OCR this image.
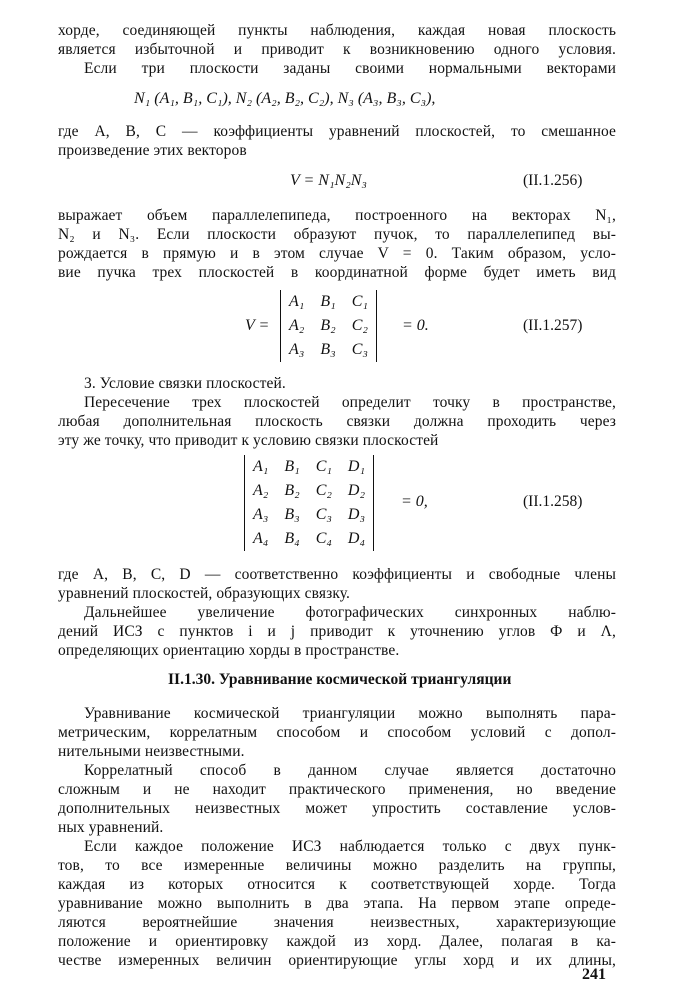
хорде, соединяющей пункты наблюдения, каждая новая плоскость
является избыточной и приводит к возникновению одного условия.
Если три плоскости заданы своими нормальными векторами
N₁ (A₁, B₁, C₁), N₂ (A₂, B₂, C₂), N₃ (A₃, B₃, C₃),
где A, B, C — коэффициенты уравнений плоскостей, то смешанное
произведение этих векторов
V = N₁N₂N₃	(II.1.256)
выражает объем параллелепипеда, построенного на векторах N₁,
N₂ и N₃. Если плоскости образуют пучок, то параллелепипед вы-
рождается в прямую и в этом случае V = 0. Таким образом, усло-
вие пучка трех плоскостей в координатной форме будет иметь вид
V =
A₁	B₁	C₁
A₂	B₂	C₂
A₃	B₃	C₃
= 0.	(II.1.257)
3. Условие связки плоскостей.
Пересечение трех плоскостей определит точку в пространстве,
любая дополнительная плоскость связки должна проходить через
эту же точку, что приводит к условию связки плоскостей
A₁	B₁	C₁	D₁
A₂	B₂	C₂	D₂
A₃	B₃	C₃	D₃
A₄	B₄	C₄	D₄
= 0,	(II.1.258)
где A, B, C, D — соответственно коэффициенты и свободные члены
уравнений плоскостей, образующих связку.
Дальнейшее увеличение фотографических синхронных наблю-
дений ИСЗ с пунктов i и j приводит к уточнению углов Ф и Λ,
определяющих ориентацию хорды в пространстве.
II.1.30. Уравнивание космической триангуляции
Уравнивание космической триангуляции можно выполнять пара-
метрическим, коррелатным способом и способом условий с допол-
нительными неизвестными.
Коррелатный способ в данном случае является достаточно
сложным и не находит практического применения, но введение
дополнительных неизвестных может упростить составление услов-
ных уравнений.
Если каждое положение ИСЗ наблюдается только с двух пунк-
тов, то все измеренные величины можно разделить на группы,
каждая из которых относится к соответствующей хорде. Тогда
уравнивание можно выполнить в два этапа. На первом этапе опреде-
ляются вероятнейшие значения неизвестных, характеризующие
положение и ориентировку каждой из хорд. Далее, полагая в ка-
честве измеренных величин ориентирующие углы хорд и их длины,
241
